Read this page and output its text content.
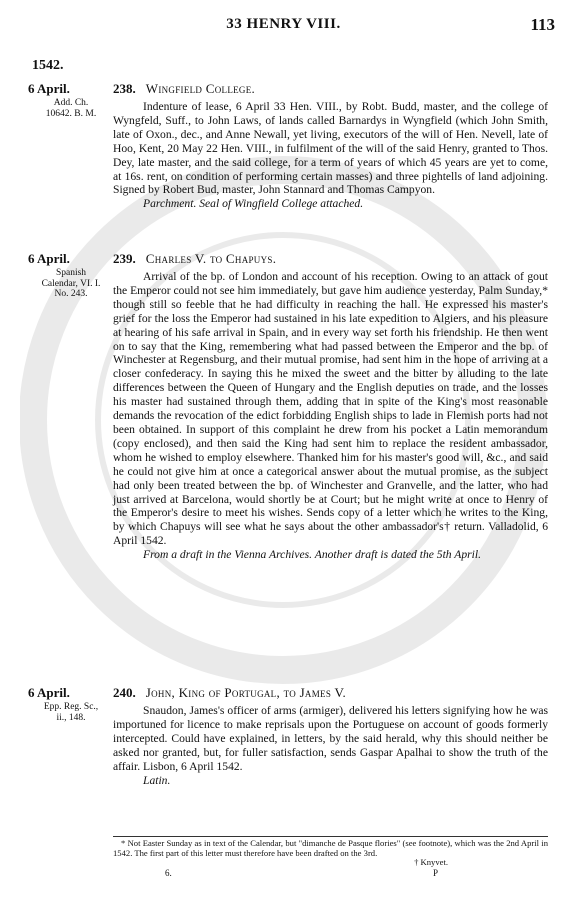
33 HENRY VIII.	113
1542.
6 April.
Add. Ch. 10642. B. M.
238. Wingfield College.

Indenture of lease, 6 April 33 Hen. VIII., by Robt. Budd, master, and the college of Wyngfeld, Suff., to John Laws, of lands called Barnardys in Wyngfield (which John Smith, late of Oxon., dec., and Anne Newall, yet living, executors of the will of Hen. Nevell, late of Hoo, Kent, 20 May 22 Hen. VIII., in fulfilment of the will of the said Henry, granted to Thos. Dey, late master, and the said college, for a term of years of which 45 years are yet to come, at 16s. rent, on condition of performing certain masses) and three pightells of land adjoining. Signed by Robert Bud, master, John Stannard and Thomas Campyon.

Parchment. Seal of Wingfield College attached.

6 April.
Spanish Calendar, VI. I. No. 243.
239. Charles V. to Chapuys.

Arrival of the bp. of London and account of his reception. Owing to an attack of gout the Emperor could not see him immediately, but gave him audience yesterday, Palm Sunday,* though still so feeble that he had difficulty in reaching the hall. He expressed his master's grief for the loss the Emperor had sustained in his late expedition to Algiers, and his pleasure at hearing of his safe arrival in Spain, and in every way set forth his friendship. He then went on to say that the King, remembering what had passed between the Emperor and the bp. of Winchester at Regensburg, and their mutual promise, had sent him in the hope of arriving at a closer confederacy. In saying this he mixed the sweet and the bitter by alluding to the late differences between the Queen of Hungary and the English deputies on trade, and the losses his master had sustained through them, adding that in spite of the King's most reasonable demands the revocation of the edict forbidding English ships to lade in Flemish ports had not been obtained. In support of this complaint he drew from his pocket a Latin memorandum (copy enclosed), and then said the King had sent him to replace the resident ambassador, whom he wished to employ elsewhere. Thanked him for his master's good will, &c., and said he could not give him at once a categorical answer about the mutual promise, as the subject had only been treated between the bp. of Winchester and Granvelle, and the latter, who had just arrived at Barcelona, would shortly be at Court; but he might write at once to Henry of the Emperor's desire to meet his wishes. Sends copy of a letter which he writes to the King, by which Chapuys will see what he says about the other ambassador's† return. Valladolid, 6 April 1542.

From a draft in the Vienna Archives. Another draft is dated the 5th April.

6 April.
Epp. Reg. Sc., ii., 148.
240. John, King of Portugal, to James V.

Snaudon, James's officer of arms (armiger), delivered his letters signifying how he was importuned for licence to make reprisals upon the Portuguese on account of goods formerly intercepted. Could have explained, in letters, by the said herald, why this should neither be asked nor granted, but, for fuller satisfaction, sends Gaspar Apalhai to show the truth of the affair. Lisbon, 6 April 1542.

Latin.

* Not Easter Sunday as in text of the Calendar, but "dimanche de Pasque flories" (see footnote), which was the 2nd April in 1542. The first part of this letter must therefore have been drafted on the 3rd.

† Knyvet.
6.	P
